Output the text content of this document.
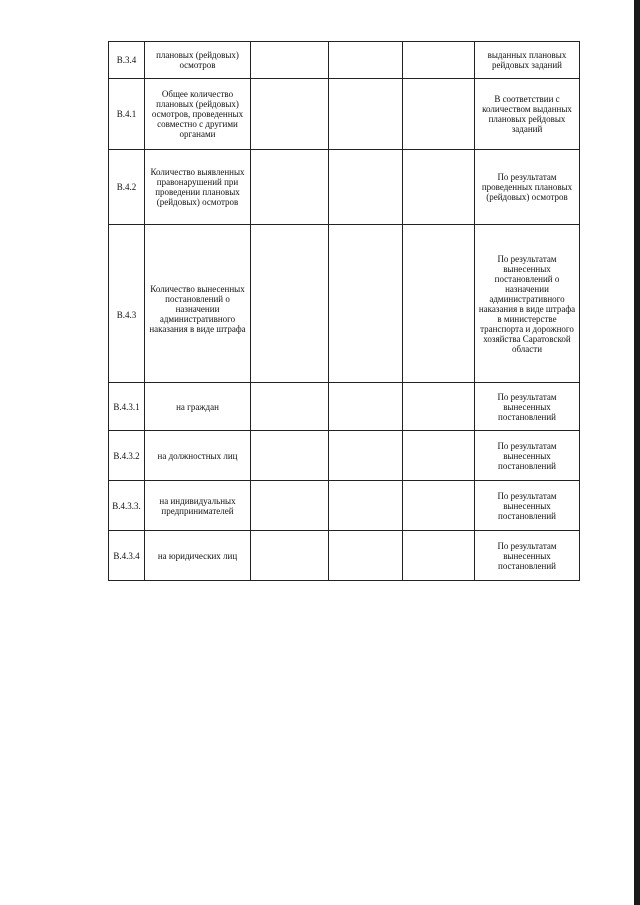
В.3.4	плановых (рейдовых) осмотров				выданных плановых рейдовых заданий
В.4.1	Общее количество плановых (рейдовых) осмотров, проведенных совместно с другими органами				В соответствии с количеством выданных плановых рейдовых заданий
В.4.2	Количество выявленных правонарушений при проведении плановых (рейдовых) осмотров				По результатам проведенных плановых (рейдовых) осмотров
В.4.3	Количество вынесенных постановлений о назначении административного наказания в виде штрафа				По результатам вынесенных постановлений о назначении административного наказания в виде штрафа в министерстве транспорта и дорожного хозяйства Саратовской области
В.4.3.1	на граждан				По результатам вынесенных постановлений
В.4.3.2	на должностных лиц				По результатам вынесенных постановлений
В.4.3.3.	на индивидуальных предпринимателей				По результатам вынесенных постановлений
В.4.3.4	на юридических лиц				По результатам вынесенных постановлений
